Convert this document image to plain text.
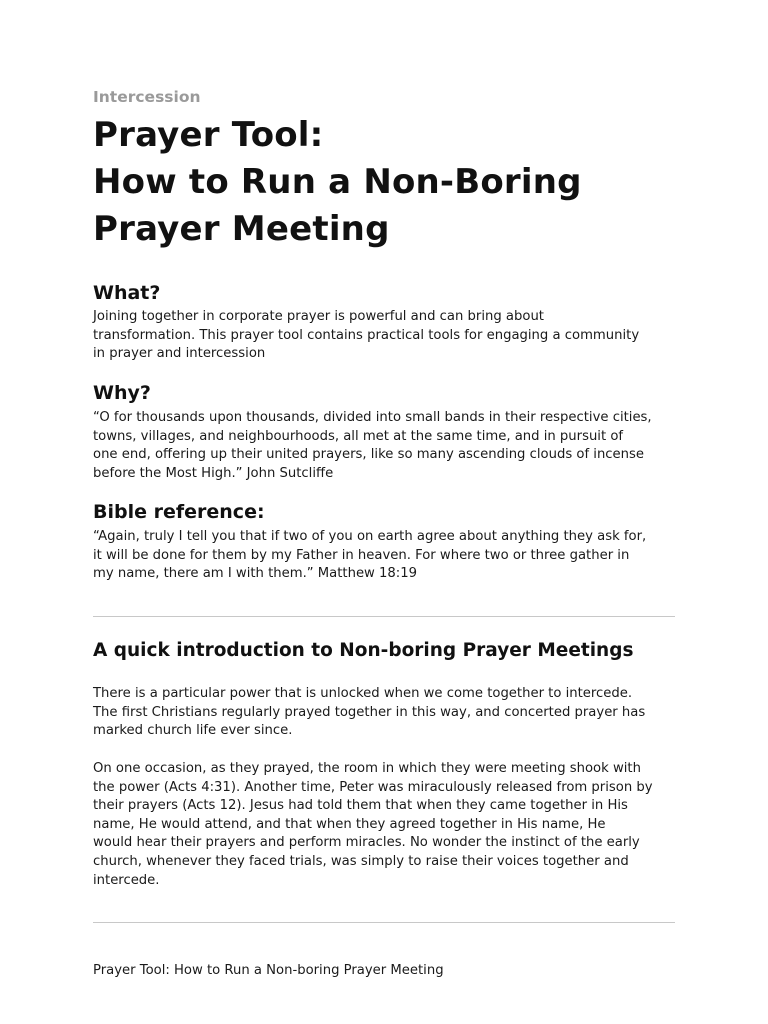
Intercession
Prayer Tool:
How to Run a Non-Boring
Prayer Meeting
What?

Joining together in corporate prayer is powerful and can bring about
transformation. This prayer tool contains practical tools for engaging a community
in prayer and intercession

Why?

“O for thousands upon thousands, divided into small bands in their respective cities,
towns, villages, and neighbourhoods, all met at the same time, and in pursuit of
one end, offering up their united prayers, like so many ascending clouds of incense
before the Most High.” John Sutcliffe

Bible reference:

“Again, truly I tell you that if two of you on earth agree about anything they ask for,
it will be done for them by my Father in heaven. For where two or three gather in
my name, there am I with them.” Matthew 18:19

A quick introduction to Non-boring Prayer Meetings

There is a particular power that is unlocked when we come together to intercede.
The first Christians regularly prayed together in this way, and concerted prayer has
marked church life ever since.

On one occasion, as they prayed, the room in which they were meeting shook with
the power (Acts 4:31). Another time, Peter was miraculously released from prison by
their prayers (Acts 12). Jesus had told them that when they came together in His
name, He would attend, and that when they agreed together in His name, He
would hear their prayers and perform miracles. No wonder the instinct of the early
church, whenever they faced trials, was simply to raise their voices together and
intercede.

Prayer Tool: How to Run a Non-boring Prayer Meeting
